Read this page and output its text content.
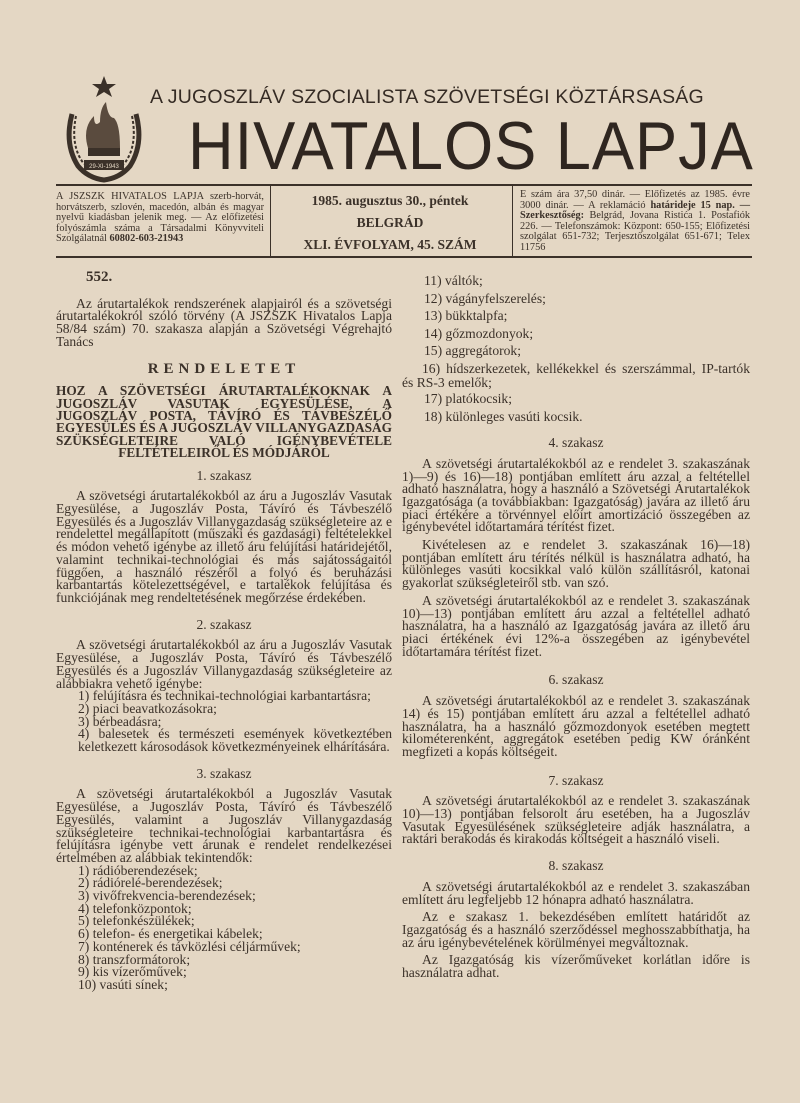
29-XI-1943
A JUGOSZLÁV SZOCIALISTA SZÖVETSÉGI KÖZTÁRSASÁG
HIVATALOS LAPJA
A JSZSZK HIVATALOS LAPJA szerb-horvát, horvátszerb, szlovén, macedón, albán és magyar nyelvű kiadásban jelenik meg. — Az előfizetési folyószámla száma a Társadalmi Könyvviteli Szolgálatnál 60802-603-21943
1985. augusztus 30., péntek
BELGRÁD
XLI. ÉVFOLYAM, 45. SZÁM
E szám ára 37,50 dinár. — Előfizetés az 1985. évre 3000 dinár. — A reklamáció határideje 15 nap. — Szerkesztőség: Belgrád, Jovana Ristića 1. Postafiók 226. — Telefonszámok: Központ: 650-155; Előfizetési szolgálat 651-732; Terjesztőszolgálat 651-671; Telex 11756

552.

Az árutartalékok rendszerének alapjairól és a szövetségi árutartalékokról szóló törvény (A JSZSZK Hivatalos Lapja 58/84 szám) 70. szakasza alapján a Szövetségi Végrehajtó Tanács

RENDELETET

HOZ A SZÖVETSÉGI ÁRUTARTALÉKOKNAK A JUGOSZLÁV VASUTAK EGYESÜLÉSE, A JUGOSZLÁV POSTA, TÁVÍRÓ ÉS TÁVBESZÉLŐ EGYESÜLÉS ÉS A JUGOSZLÁV VILLANYGAZDASÁG SZÜKSÉGLETEIRE VALÓ IGÉNYBEVÉTELE FELTÉTELEIRŐL ÉS MÓDJÁRÓL

1. szakasz

A szövetségi árutartalékokból az áru a Jugoszláv Vasutak Egyesülése, a Jugoszláv Posta, Távíró és Távbeszélő Egyesülés és a Jugoszláv Villanygazdaság szükségleteire az e rendelettel megállapított (műszaki és gazdasági) feltételekkel és módon vehető igénybe az illető áru felújítási határidejétől, valamint technikai-technológiai és más sajátosságaitól függően, a használó részéről a folyó és beruházási karbantartás kötelezettségével, e tartalékok felújítása és funkciójának meg rendeltetésének megőrzése érdekében.

2. szakasz

A szövetségi árutartalékokból az áru a Jugoszláv Vasutak Egyesülése, a Jugoszláv Posta, Távíró és Távbeszélő Egyesülés és a Jugoszláv Villanygazdaság szükségleteire az alábbiakra vehető igénybe:

1) felújításra és technikai-technológiai karbantartásra;

2) piaci beavatkozásokra;

3) bérbeadásra;

4) balesetek és természeti események következtében keletkezett károsodások következményeinek elhárítására.

3. szakasz

A szövetségi árutartalékokból a Jugoszláv Vasutak Egyesülése, a Jugoszláv Posta, Távíró és Távbeszélő Egyesülés, valamint a Jugoszláv Villanygazdaság szükségleteire technikai-technológiai karbantartásra és felújításra igénybe vett árunak e rendelet rendelkezései értelmében az alábbiak tekintendők:

1) rádióberendezések;

2) rádiórelé-berendezések;

3) vivőfrekvencia-berendezések;

4) telefonközpontok;

5) telefonkészülékek;

6) telefon- és energetikai kábelek;

7) konténerek és távközlési céljárművek;

8) transzformátorok;

9) kis vízerőművek;

10) vasúti sínek;

11) váltók;

12) vágányfelszerelés;

13) bükktalpfa;

14) gőzmozdonyok;

15) aggregátorok;

16) hídszerkezetek, kellékekkel és szerszámmal, IP-tartók és RS-3 emelők;

17) platókocsik;

18) különleges vasúti kocsik.

4. szakasz

A szövetségi árutartalékokból az e rendelet 3. szakaszának 1)—9) és 16)—18) pontjában említett áru azzal a feltétellel adható használatra, hogy a használó a Szövetségi Árutartalékok Igazgatósága (a továbbiakban: Igazgatóság) javára az illető áru piaci értékére a törvénnyel előírt amortizáció összegében az igénybevétel időtartamára térítést fizet.

Kivételesen az e rendelet 3. szakaszának 16)—18) pontjában említett áru térítés nélkül is használatra adható, ha különleges vasúti kocsikkal való külön szállításról, katonai gyakorlat szükségleteiről stb. van szó.

A szövetségi árutartalékokból az e rendelet 3. szakaszának 10)—13) pontjában említett áru azzal a feltétellel adható használatra, ha a használó az Igazgatóság javára az illető áru piaci értékének évi 12%-a összegében az igénybevétel időtartamára térítést fizet.

6. szakasz

A szövetségi árutartalékokból az e rendelet 3. szakaszának 14) és 15) pontjában említett áru azzal a feltétellel adható használatra, ha a használó gőzmozdonyok esetében megtett kilométerenként, aggregátok esetében pedig KW óránként megfizeti a kopás költségeit.

7. szakasz

A szövetségi árutartalékokból az e rendelet 3. szakaszának 10)—13) pontjában felsorolt áru esetében, ha a Jugoszláv Vasutak Egyesülésének szükségleteire adják használatra, a raktári berakodás és kirakodás költségeit a használó viseli.

8. szakasz

A szövetségi árutartalékokból az e rendelet 3. szakaszában említett áru legfeljebb 12 hónapra adható használatra.

Az e szakasz 1. bekezdésében említett határidőt az Igazgatóság és a használó szerződéssel meghosszabbíthatja, ha az áru igénybevételének körülményei megváltoznak.

Az Igazgatóság kis vízerőműveket korlátlan időre is használatra adhat.
